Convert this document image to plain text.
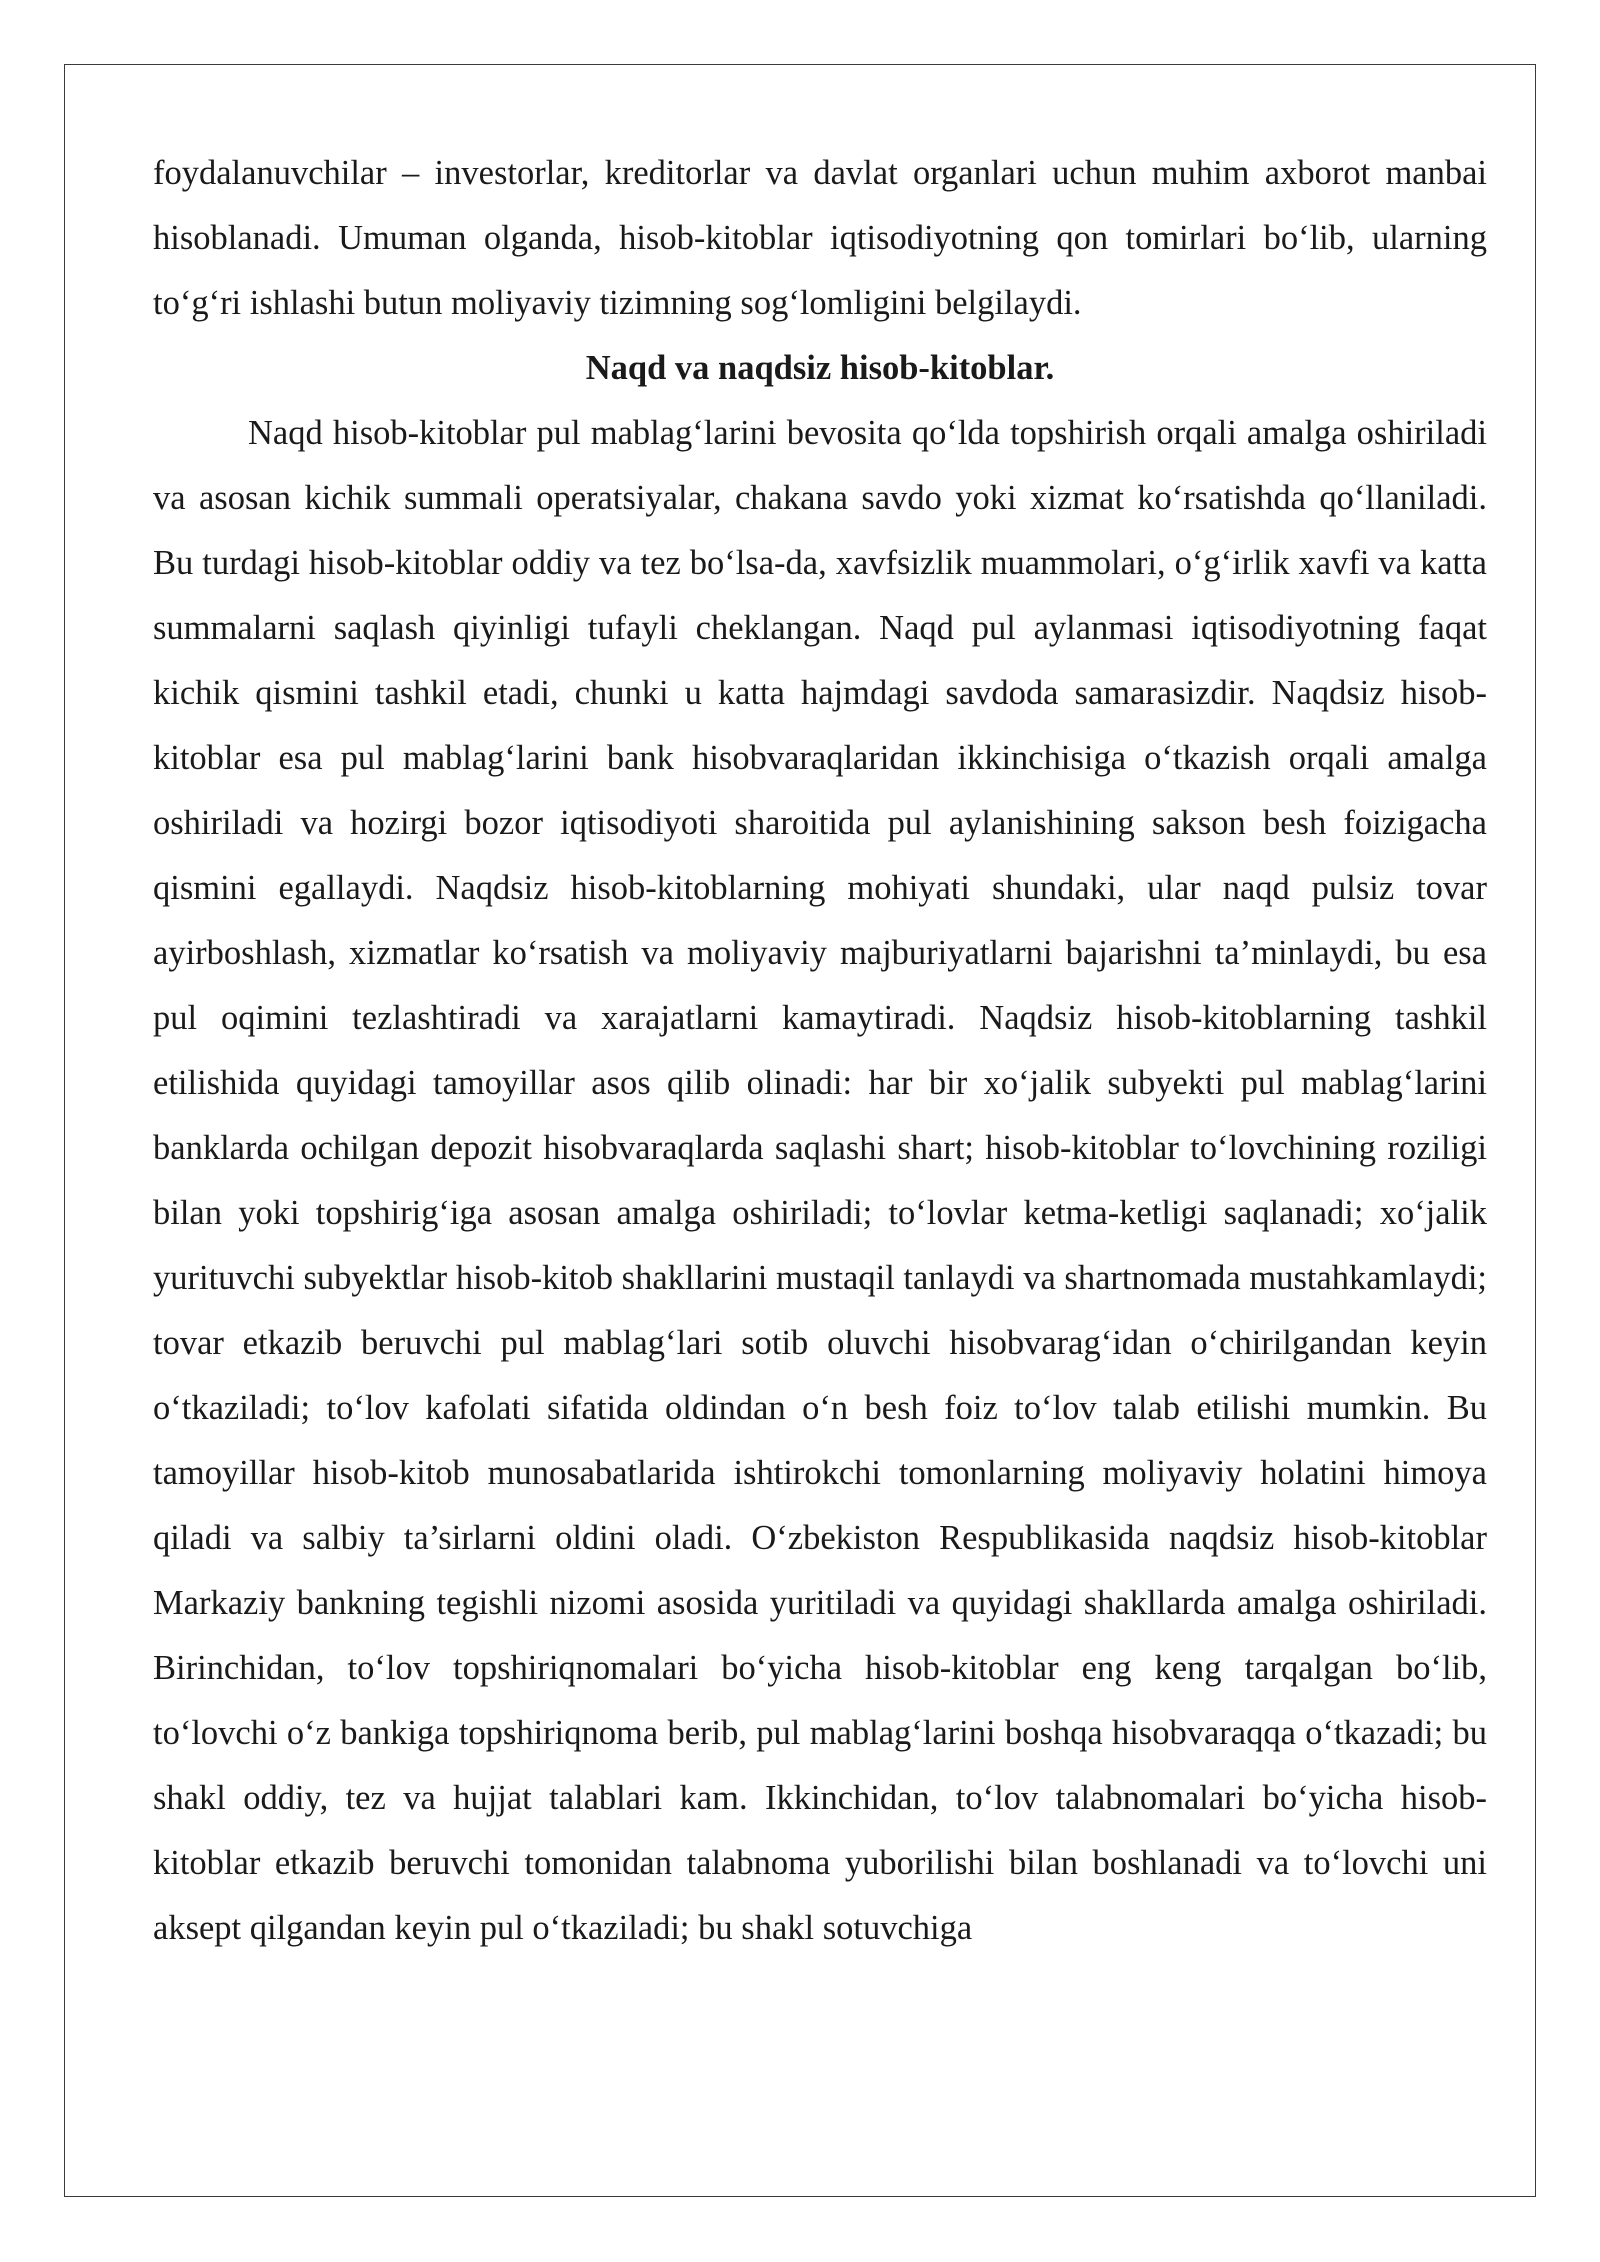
foydalanuvchilar – investorlar, kreditorlar va davlat organlari uchun muhim axborot manbai hisoblanadi. Umuman olganda, hisob-kitoblar iqtisodiyotning qon tomirlari bo‘lib, ularning to‘g‘ri ishlashi butun moliyaviy tizimning sog‘lomligini belgilaydi.

Naqd va naqdsiz hisob-kitoblar.

Naqd hisob-kitoblar pul mablag‘larini bevosita qo‘lda topshirish orqali amalga oshiriladi va asosan kichik summali operatsiyalar, chakana savdo yoki xizmat ko‘rsatishda qo‘llaniladi. Bu turdagi hisob-kitoblar oddiy va tez bo‘lsa-da, xavfsizlik muammolari, o‘g‘irlik xavfi va katta summalarni saqlash qiyinligi tufayli cheklangan. Naqd pul aylanmasi iqtisodiyotning faqat kichik qismini tashkil etadi, chunki u katta hajmdagi savdoda samarasizdir. Naqdsiz hisob-kitoblar esa pul mablag‘larini bank hisobvaraqlaridan ikkinchisiga o‘tkazish orqali amalga oshiriladi va hozirgi bozor iqtisodiyoti sharoitida pul aylanishining sakson besh foizigacha qismini egallaydi. Naqdsiz hisob-kitoblarning mohiyati shundaki, ular naqd pulsiz tovar ayirboshlash, xizmatlar ko‘rsatish va moliyaviy majburiyatlarni bajarishni ta’minlaydi, bu esa pul oqimini tezlashtiradi va xarajatlarni kamaytiradi. Naqdsiz hisob-kitoblarning tashkil etilishida quyidagi tamoyillar asos qilib olinadi: har bir xo‘jalik subyekti pul mablag‘larini banklarda ochilgan depozit hisobvaraqlarda saqlashi shart; hisob-kitoblar to‘lovchining roziligi bilan yoki topshirig‘iga asosan amalga oshiriladi; to‘lovlar ketma-ketligi saqlanadi; xo‘jalik yurituvchi subyektlar hisob-kitob shakllarini mustaqil tanlaydi va shartnomada mustahkamlaydi; tovar etkazib beruvchi pul mablag‘lari sotib oluvchi hisobvarag‘idan o‘chirilgandan keyin o‘tkaziladi; to‘lov kafolati sifatida oldindan o‘n besh foiz to‘lov talab etilishi mumkin. Bu tamoyillar hisob-kitob munosabatlarida ishtirokchi tomonlarning moliyaviy holatini himoya qiladi va salbiy ta’sirlarni oldini oladi. O‘zbekiston Respublikasida naqdsiz hisob-kitoblar Markaziy bankning tegishli nizomi asosida yuritiladi va quyidagi shakllarda amalga oshiriladi. Birinchidan, to‘lov topshiriqnomalari bo‘yicha hisob-kitoblar eng keng tarqalgan bo‘lib, to‘lovchi o‘z bankiga topshiriqnoma berib, pul mablag‘larini boshqa hisobvaraqqa o‘tkazadi; bu shakl oddiy, tez va hujjat talablari kam. Ikkinchidan, to‘lov talabnomalari bo‘yicha hisob-kitoblar etkazib beruvchi tomonidan talabnoma yuborilishi bilan boshlanadi va to‘lovchi uni aksept qilgandan keyin pul o‘tkaziladi; bu shakl sotuvchiga
